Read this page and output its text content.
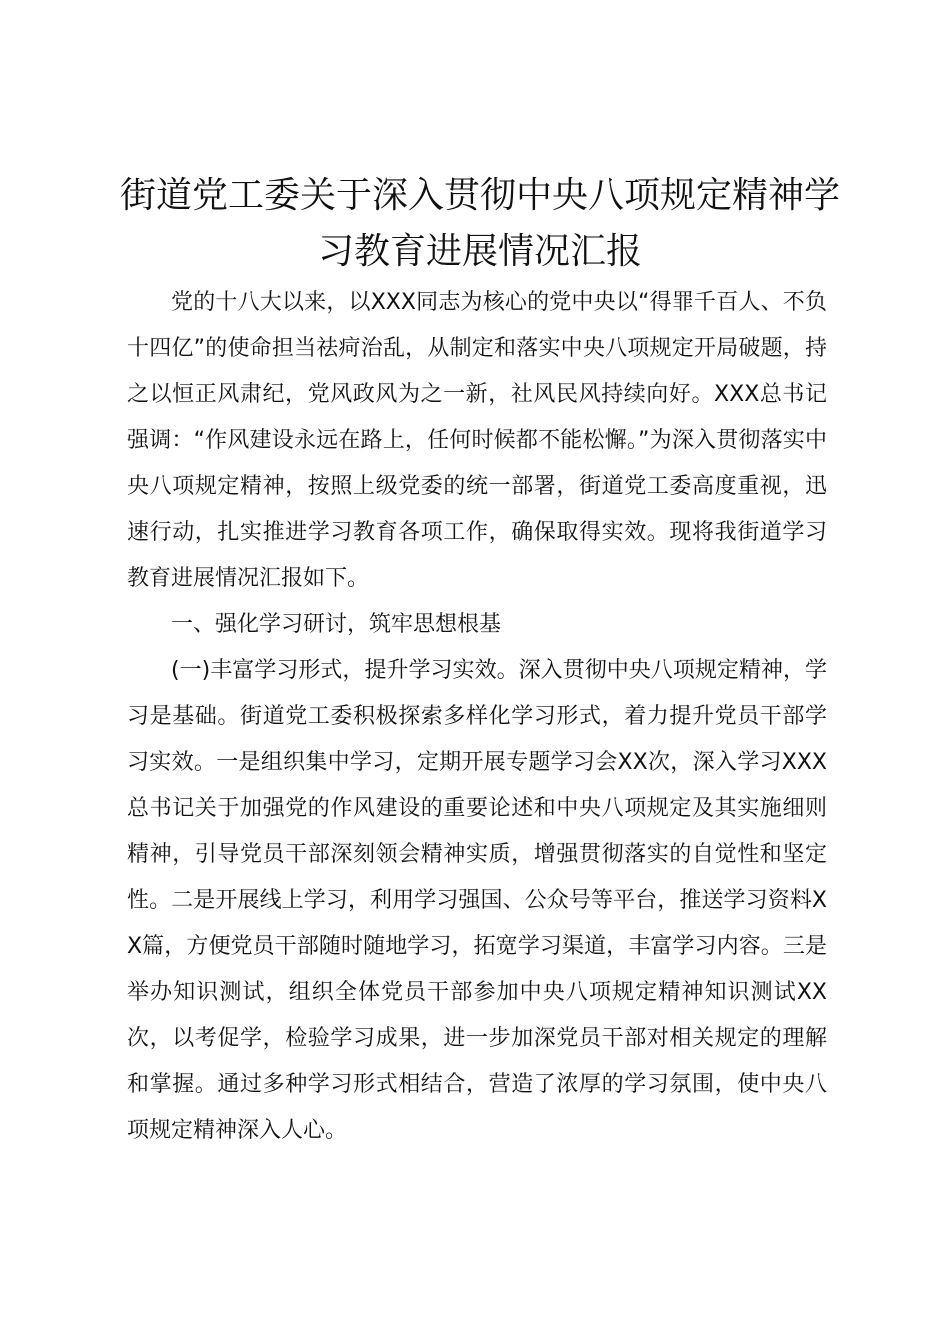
街道党工委关于深入贯彻中央八项规定精神学习教育进展情况汇报

党的十八大以来，以XXX同志为核心的党中央以“得罪千百人、不负十四亿”的使命担当祛疴治乱，从制定和落实中央八项规定开局破题，持之以恒正风肃纪，党风政风为之一新，社风民风持续向好。XXX总书记强调：“作风建设永远在路上，任何时候都不能松懈。”为深入贯彻落实中央八项规定精神，按照上级党委的统一部署，街道党工委高度重视，迅速行动，扎实推进学习教育各项工作，确保取得实效。现将我街道学习教育进展情况汇报如下。

一、强化学习研讨，筑牢思想根基

(一)丰富学习形式，提升学习实效。深入贯彻中央八项规定精神，学习是基础。街道党工委积极探索多样化学习形式，着力提升党员干部学习实效。一是组织集中学习，定期开展专题学习会XX次，深入学习XXX总书记关于加强党的作风建设的重要论述和中央八项规定及其实施细则精神，引导党员干部深刻领会精神实质，增强贯彻落实的自觉性和坚定性。二是开展线上学习，利用学习强国、公众号等平台，推送学习资料XX篇，方便党员干部随时随地学习，拓宽学习渠道，丰富学习内容。三是举办知识测试，组织全体党员干部参加中央八项规定精神知识测试XX次，以考促学，检验学习成果，进一步加深党员干部对相关规定的理解和掌握。通过多种学习形式相结合，营造了浓厚的学习氛围，使中央八项规定精神深入人心。
